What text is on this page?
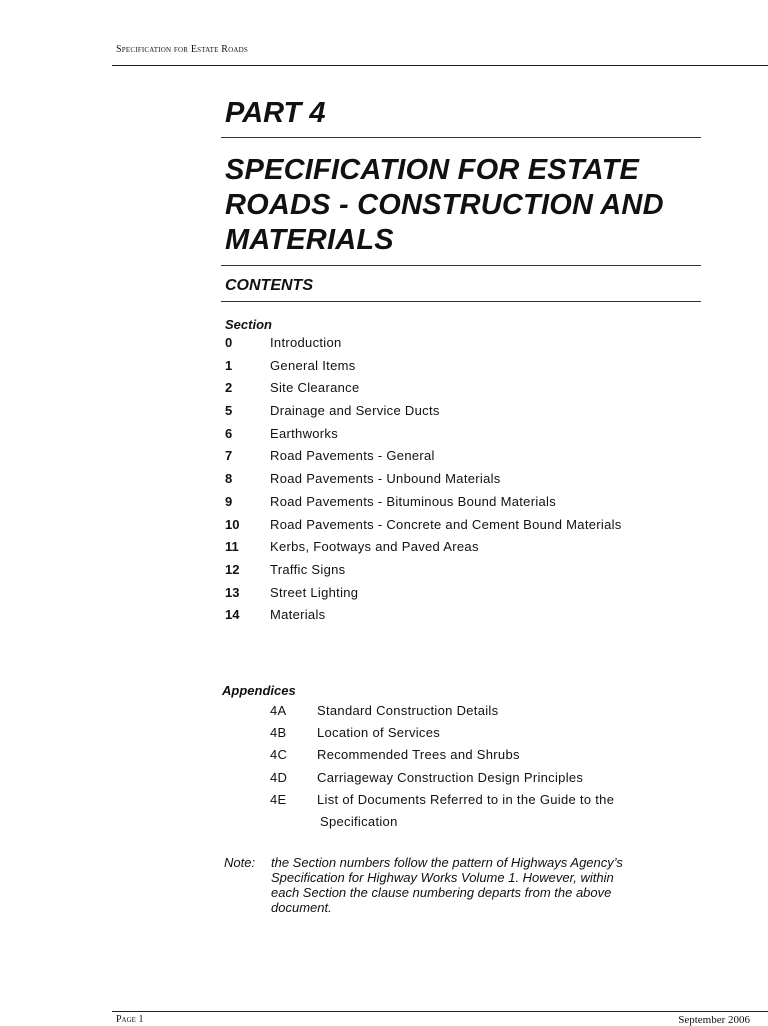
Specification for Estate Roads
PART 4
SPECIFICATION FOR ESTATE
ROADS - CONSTRUCTION AND
MATERIALS
CONTENTS
Section
0	Introduction
1	General Items
2	Site Clearance
5	Drainage and Service Ducts
6	Earthworks
7	Road Pavements - General
8	Road Pavements - Unbound Materials
9	Road Pavements - Bituminous Bound Materials
10 Road Pavements - Concrete and Cement Bound Materials
11 Kerbs, Footways and Paved Areas
12 Traffic Signs
13 Street Lighting
14 Materials
Appendices
4A Standard Construction Details
4B Location of Services
4C Recommended Trees and Shrubs
4D Carriageway Construction Design Principles
4E List of Documents Referred to in the Guide to the
Specification
Note: the Section numbers follow the pattern of Highways Agency’s
Specification for Highway Works Volume 1. However, within
each Section the clause numbering departs from the above
document.
Page 1	September 2006
